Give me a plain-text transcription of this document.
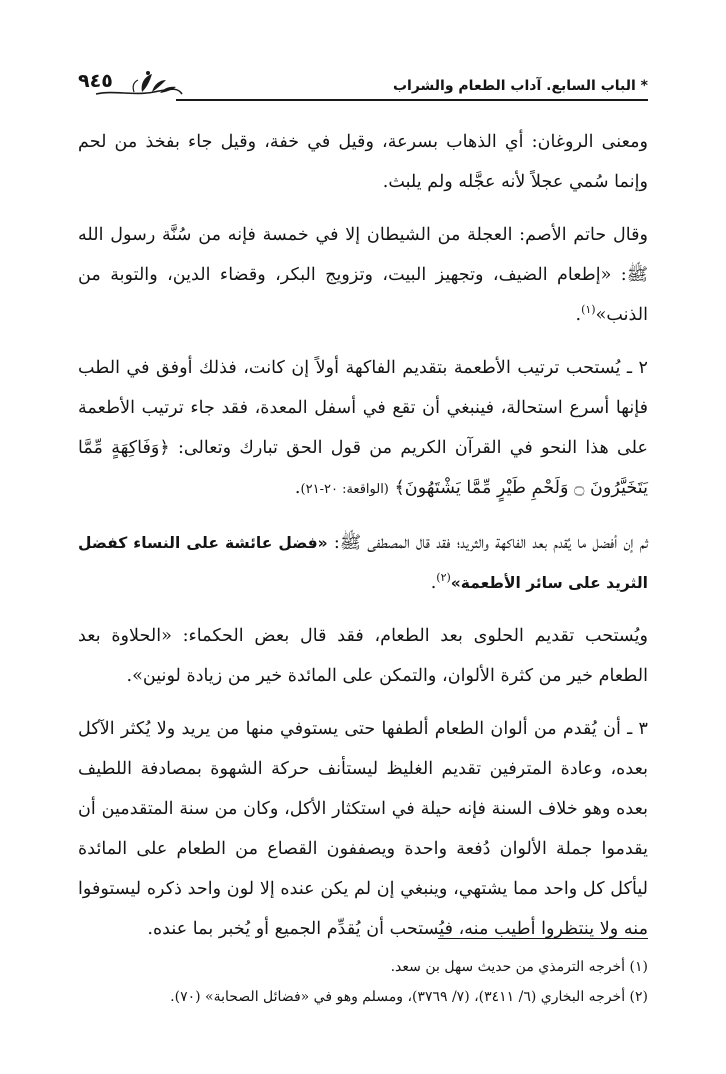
* الباب السابع. آداب الطعام والشراب
٩٤٥

ومعنى الروغان: أي الذهاب بسرعة، وقيل في خفة، وقيل جاء بفخذ من لحم وإنما سُمي عجلاً لأنه عجَّله ولم يلبث.

وقال حاتم الأصم: العجلة من الشيطان إلا في خمسة فإنه من سُنَّة رسول الله ﷺ: «إطعام الضيف، وتجهيز البيت، وتزويج البكر، وقضاء الدين، والتوبة من الذنب»$^{(١)}$.

٢ ـ يُستحب ترتيب الأطعمة بتقديم الفاكهة أولاً إن كانت، فذلك أوفق في الطب فإنها أسرع استحالة، فينبغي أن تقع في أسفل المعدة، فقد جاء ترتيب الأطعمة على هذا النحو في القرآن الكريم من قول الحق تبارك وتعالى: ﴿وَفَاكِهَةٍ مِّمَّا يَتَخَيَّرُونَ ۝ وَلَحْمِ طَيْرٍ مِّمَّا يَشْتَهُونَ﴾ (الواقعة: ٢٠-٢١).

ثم إن أفضل ما يُقدم بعد الفاكهة والثريد؛ فقد قال المصطفى ﷺ: «فضل عائشة على النساء كفضل الثريد على سائر الأطعمة»$^{(٢)}$.

ويُستحب تقديم الحلوى بعد الطعام، فقد قال بعض الحكماء: «الحلاوة بعد الطعام خير من كثرة الألوان، والتمكن على المائدة خير من زيادة لونين».

٣ ـ أن يُقدم من ألوان الطعام ألطفها حتى يستوفي منها من يريد ولا يُكثر الآكل بعده، وعادة المترفين تقديم الغليظ ليستأنف حركة الشهوة بمصادفة اللطيف بعده وهو خلاف السنة فإنه حيلة في استكثار الأكل، وكان من سنة المتقدمين أن يقدموا جملة الألوان دُفعة واحدة ويصففون القصاع من الطعام على المائدة ليأكل كل واحد مما يشتهي، وينبغي إن لم يكن عنده إلا لون واحد ذكره ليستوفوا منه ولا ينتظروا أطيب منه، فيُستحب أن يُقدِّم الجميع أو يُخبر بما عنده.

(١) أخرجه الترمذي من حديث سهل بن سعد.

(٢) أخرجه البخاري (٦/ ٣٤١١)، (٧/ ٣٧٦٩)، ومسلم وهو في «فضائل الصحابة» (٧٠).
